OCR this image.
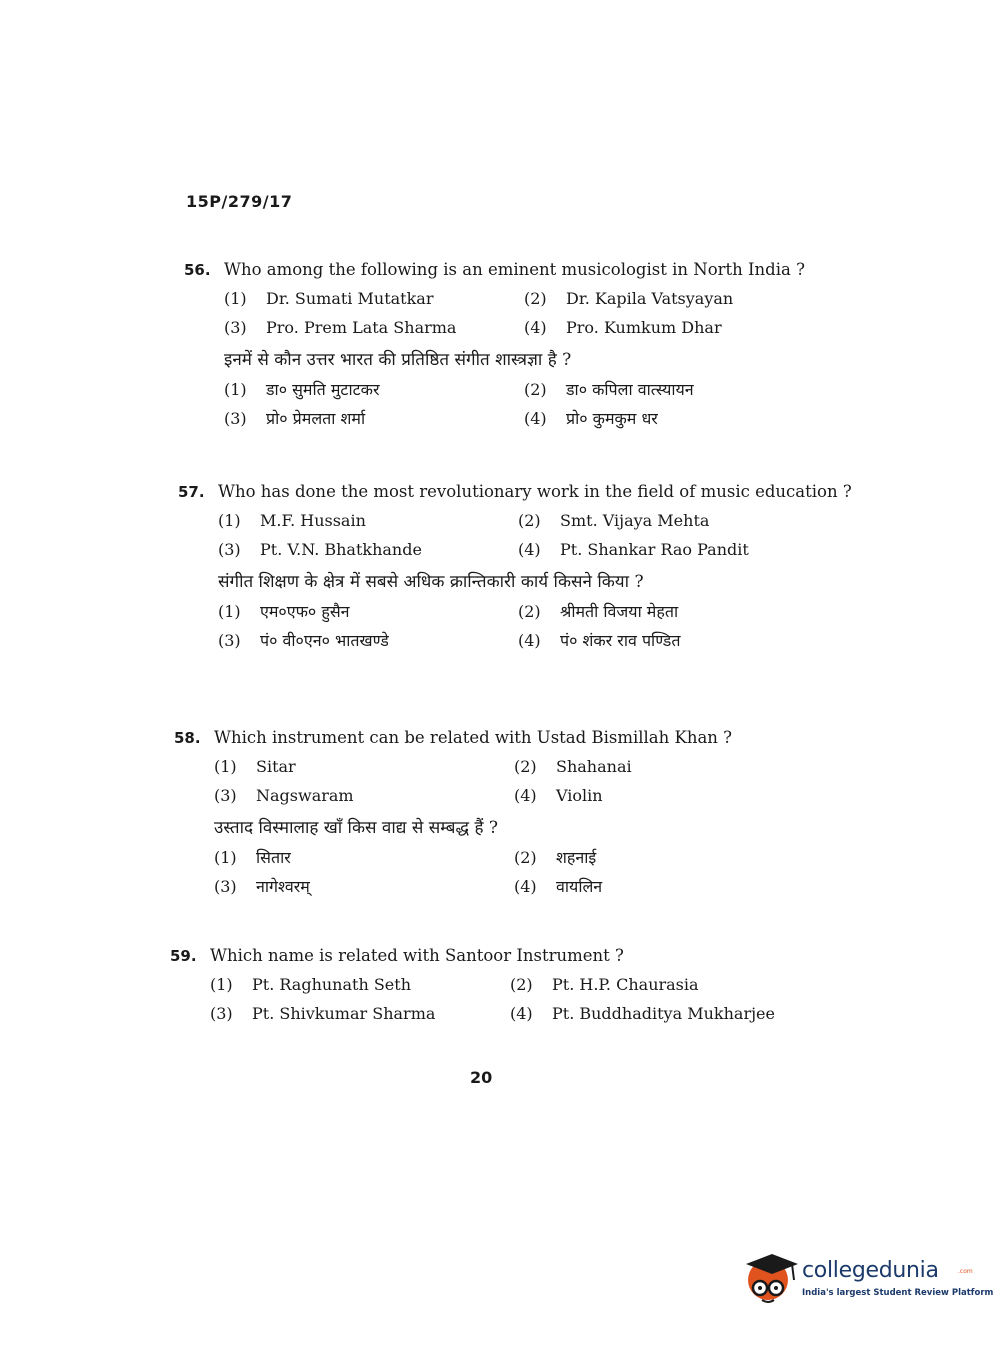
15P/279/17
56. Who among the following is an eminent musicologist in North India ?
(1) Dr. Sumati Mutatkar	(2) Dr. Kapila Vatsyayan
(3) Pro. Prem Lata Sharma	(4) Pro. Kumkum Dhar
इनमें से कौन उत्तर भारत की प्रतिष्ठित संगीत शास्त्रज्ञा है ?
(1) डा० सुमति मुटाटकर	(2) डा० कपिला वात्स्यायन
(3) प्रो० प्रेमलता शर्मा	(4) प्रो० कुमकुम धर
57. Who has done the most revolutionary work in the field of music education ?
(1) M.F. Hussain	(2) Smt. Vijaya Mehta
(3) Pt. V.N. Bhatkhande	(4) Pt. Shankar Rao Pandit
संगीत शिक्षण के क्षेत्र में सबसे अधिक क्रान्तिकारी कार्य किसने किया ?
(1) एम०एफ० हुसैन	(2) श्रीमती विजया मेहता
(3) पं० वी०एन० भातखण्डे	(4) पं० शंकर राव पण्डित
58. Which instrument can be related with Ustad Bismillah Khan ?
(1) Sitar	(2) Shahanai
(3) Nagswaram	(4) Violin
उस्ताद विस्मालाह खाँ किस वाद्य से सम्बद्ध हैं ?
(1) सितार	(2) शहनाई
(3) नागेश्वरम्	(4) वायलिन
59. Which name is related with Santoor Instrument ?
(1) Pt. Raghunath Seth	(2) Pt. H.P. Chaurasia
(3) Pt. Shivkumar Sharma	(4) Pt. Buddhaditya Mukharjee
20
collegedunia	.com
India's largest Student Review Platform
